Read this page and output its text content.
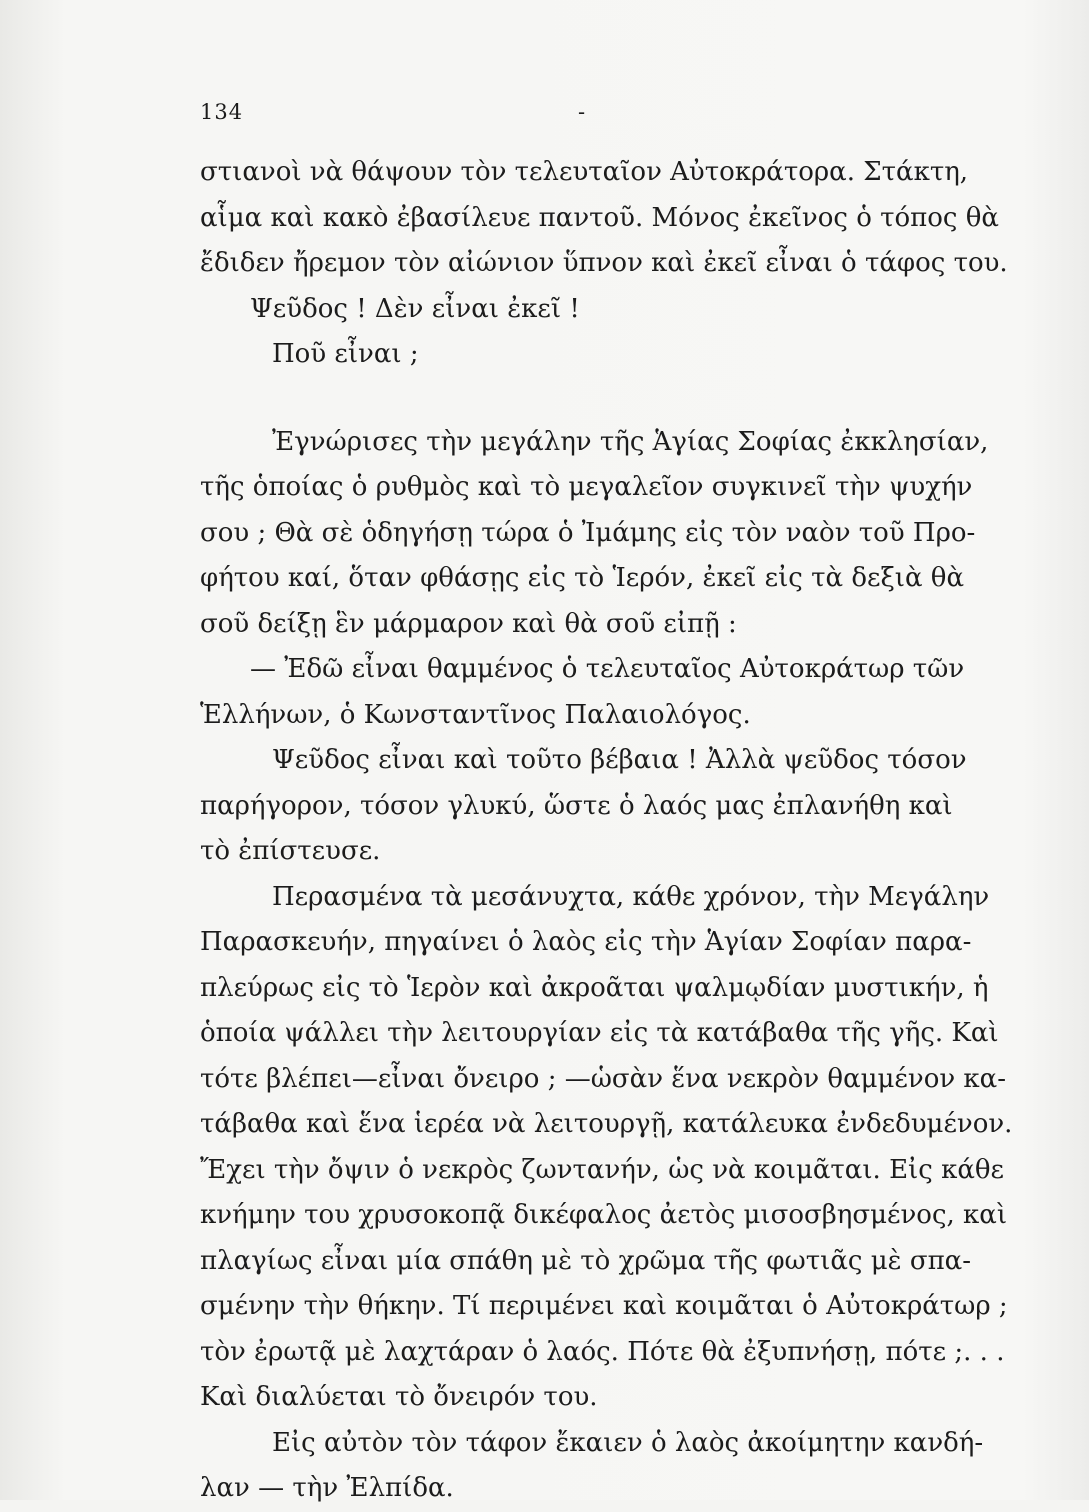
134	-
στιανοὶ νὰ θάψουν τὸν τελευταῖον Αὐτοκράτορα. Στάκτη,
αἷμα καὶ κακὸ ἐβασίλευε παντοῦ. Μόνος ἐκεῖνος ὁ τόπος θὰ
ἔδιδεν ἤρεμον τὸν αἰώνιον ὕπνον καὶ ἐκεῖ εἶναι ὁ τάφος του.
Ψεῦδος ! Δὲν εἶναι ἐκεῖ !
Ποῦ εἶναι ;
Ἐγνώρισες τὴν μεγάλην τῆς Ἁγίας Σοφίας ἐκκλησίαν,
τῆς ὁποίας ὁ ρυθμὸς καὶ τὸ μεγαλεῖον συγκινεῖ τὴν ψυχήν
σου ; Θὰ σὲ ὁδηγήσῃ τώρα ὁ Ἰμάμης εἰς τὸν ναὸν τοῦ Προ-
φήτου καί, ὅταν φθάσῃς εἰς τὸ Ἱερόν, ἐκεῖ εἰς τὰ δεξιὰ θὰ
σοῦ δείξῃ ἓν μάρμαρον καὶ θὰ σοῦ εἰπῇ :
— Ἐδῶ εἶναι θαμμένος ὁ τελευταῖος Αὐτοκράτωρ τῶν
Ἑλλήνων, ὁ Κωνσταντῖνος Παλαιολόγος.
Ψεῦδος εἶναι καὶ τοῦτο βέβαια ! Ἀλλὰ ψεῦδος τόσον
παρήγορον, τόσον γλυκύ, ὥστε ὁ λαός μας ἐπλανήθη καὶ
τὸ ἐπίστευσε.
Περασμένα τὰ μεσάνυχτα, κάθε χρόνον, τὴν Μεγάλην
Παρασκευήν, πηγαίνει ὁ λαὸς εἰς τὴν Ἁγίαν Σοφίαν παρα-
πλεύρως εἰς τὸ Ἱερὸν καὶ ἀκροᾶται ψαλμῳδίαν μυστικήν, ἡ
ὁποία ψάλλει τὴν λειτουργίαν εἰς τὰ κατάβαθα τῆς γῆς. Καὶ
τότε βλέπει—εἶναι ὄνειρο ; —ὡσὰν ἕνα νεκρὸν θαμμένον κα-
τάβαθα καὶ ἕνα ἱερέα νὰ λειτουργῇ, κατάλευκα ἐνδεδυμένον.
Ἔχει τὴν ὄψιν ὁ νεκρὸς ζωντανήν, ὡς νὰ κοιμᾶται. Εἰς κάθε
κνήμην του χρυσοκοπᾷ δικέφαλος ἀετὸς μισοσβησμένος, καὶ
πλαγίως εἶναι μία σπάθη μὲ τὸ χρῶμα τῆς φωτιᾶς μὲ σπα-
σμένην τὴν θήκην. Τί περιμένει καὶ κοιμᾶται ὁ Αὐτοκράτωρ ;
τὸν ἐρωτᾷ μὲ λαχτάραν ὁ λαός. Πότε θὰ ἐξυπνήσῃ, πότε ;. . .
Καὶ διαλύεται τὸ ὄνειρόν του.
Εἰς αὐτὸν τὸν τάφον ἔκαιεν ὁ λαὸς ἀκοίμητην κανδή-
λαν — τὴν Ἐλπίδα.
